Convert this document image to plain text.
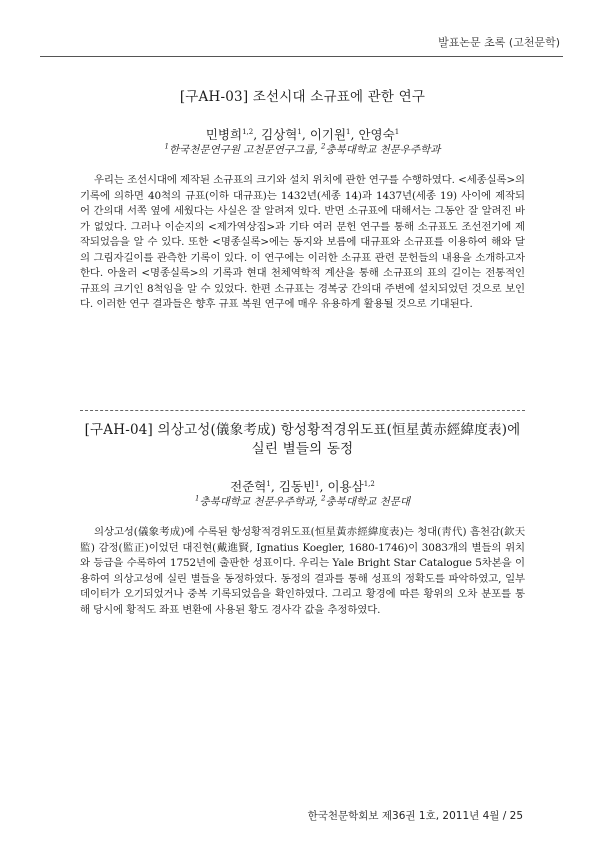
발표논문 초록 (고천문학)

[구AH-03] 조선시대 소규표에 관한 연구

민병희$^{1,2}$, 김상혁$^1$, 이기원$^1$, 안영숙$^1$

$^1$한국천문연구원 고천문연구그룹, $^2$충북대학교 천문우주학과

우리는 조선시대에 제작된 소규표의 크기와 설치 위치에 관한 연구를 수행하였다. <세종실록>의 기록에 의하면 40척의 규표(이하 대규표)는 1432년(세종 14)과 1437년(세종 19) 사이에 제작되어 간의대 서쪽 옆에 세웠다는 사실은 잘 알려져 있다. 반면 소규표에 대해서는 그동안 잘 알려진 바가 없었다. 그러나 이순지의 <제가역상집>과 기타 여러 문헌 연구를 통해 소규표도 조선전기에 제작되었음을 알 수 있다. 또한 <명종실록>에는 동지와 보름에 대규표와 소규표를 이용하여 해와 달의 그림자길이를 관측한 기록이 있다. 이 연구에는 이러한 소규표 관련 문헌들의 내용을 소개하고자 한다. 아울러 <명종실록>의 기록과 현대 천체역학적 계산을 통해 소규표의 표의 길이는 전통적인 규표의 크기인 8척임을 알 수 있었다. 한편 소규표는 경복궁 간의대 주변에 설치되었던 것으로 보인다. 이러한 연구 결과들은 향후 규표 복원 연구에 매우 유용하게 활용될 것으로 기대된다.

[구AH-04] 의상고성(儀象考成) 항성황적경위도표(恒星黃赤經緯度表)에
실린 별들의 동정

전준혁$^1$, 김동빈$^1$, 이용삼$^{1,2}$

$^1$충북대학교 천문우주학과, $^2$충북대학교 천문대

의상고성(儀象考成)에 수록된 항성황적경위도표(恒星黃赤經緯度表)는 청대(靑代) 흠천감(欽天監) 감정(監正)이었던 대진현(戴進賢, Ignatius Koegler, 1680-1746)이 3083개의 별들의 위치와 등급을 수록하여 1752년에 출판한 성표이다. 우리는 Yale Bright Star Catalogue 5차본을 이용하여 의상고성에 실린 별들을 동정하였다. 동정의 결과를 통해 성표의 정확도를 파악하였고, 일부 데이터가 오기되었거나 중복 기록되었음을 확인하였다. 그리고 황경에 따른 황위의 오차 분포를 통해 당시에 황적도 좌표 변환에 사용된 황도 경사각 값을 추정하였다.

한국천문학회보 제36권 1호, 2011년 4월 / 25
